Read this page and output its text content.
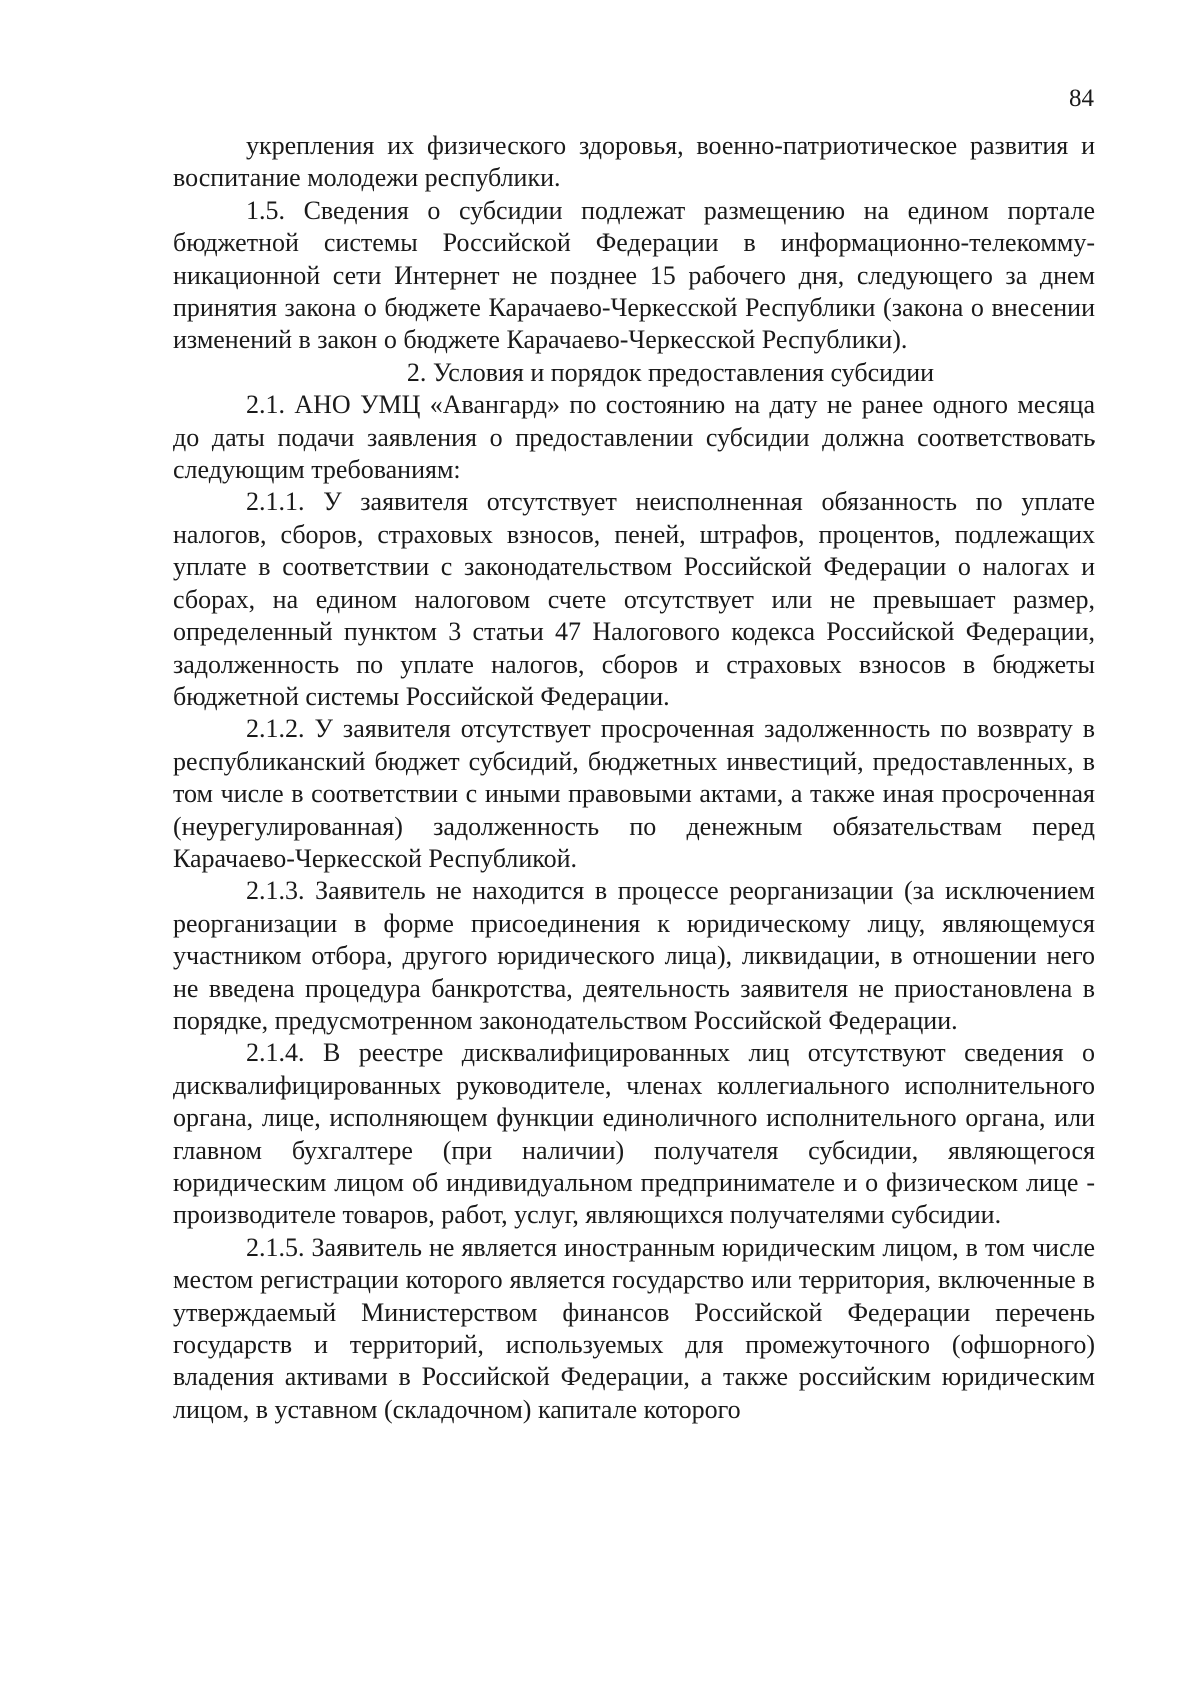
84

укрепления их физического здоровья, военно-патриотическое развития и воспитание молодежи республики.

1.5. Сведения о субсидии подлежат размещению на едином портале бюджетной системы Российской Федерации в информационно-телекоммуникационной сети Интернет не позднее 15 рабочего дня, следующего за днем принятия закона о бюджете Карачаево-Черкесской Республики (закона о внесении изменений в закон о бюджете Карачаево-Черкесской Республики).

2. Условия и порядок предоставления субсидии

2.1. АНО УМЦ «Авангард» по состоянию на дату не ранее одного месяца до даты подачи заявления о предоставлении субсидии должна соответствовать следующим требованиям:

2.1.1. У заявителя отсутствует неисполненная обязанность по уплате налогов, сборов, страховых взносов, пеней, штрафов, процентов, подлежащих уплате в соответствии с законодательством Российской Федерации о налогах и сборах, на едином налоговом счете отсутствует или не превышает размер, определенный пунктом 3 статьи 47 Налогового кодекса Российской Федерации, задолженность по уплате налогов, сборов и страховых взносов в бюджеты бюджетной системы Российской Федерации.

2.1.2. У заявителя отсутствует просроченная задолженность по возврату в республиканский бюджет субсидий, бюджетных инвестиций, предоставленных, в том числе в соответствии с иными правовыми актами, а также иная просроченная (неурегулированная) задолженность по денежным обязательствам перед Карачаево-Черкесской Республикой.

2.1.3. Заявитель не находится в процессе реорганизации (за исключением реорганизации в форме присоединения к юридическому лицу, являющемуся участником отбора, другого юридического лица), ликвидации, в отношении него не введена процедура банкротства, деятельность заявителя не приостановлена в порядке, предусмотренном законодательством Российской Федерации.

2.1.4. В реестре дисквалифицированных лиц отсутствуют сведения о дисквалифицированных руководителе, членах коллегиального исполнительного органа, лице, исполняющем функции единоличного исполнительного органа, или главном бухгалтере (при наличии) получателя субсидии, являющегося юридическим лицом об индивидуальном предпринимателе и о физическом лице - производителе товаров, работ, услуг, являющихся получателями субсидии.

2.1.5. Заявитель не является иностранным юридическим лицом, в том числе местом регистрации которого является государство или территория, включенные в утверждаемый Министерством финансов Российской Федерации перечень государств и территорий, используемых для промежуточного (офшорного) владения активами в Российской Федерации, а также российским юридическим лицом, в уставном (складочном) капитале которого
